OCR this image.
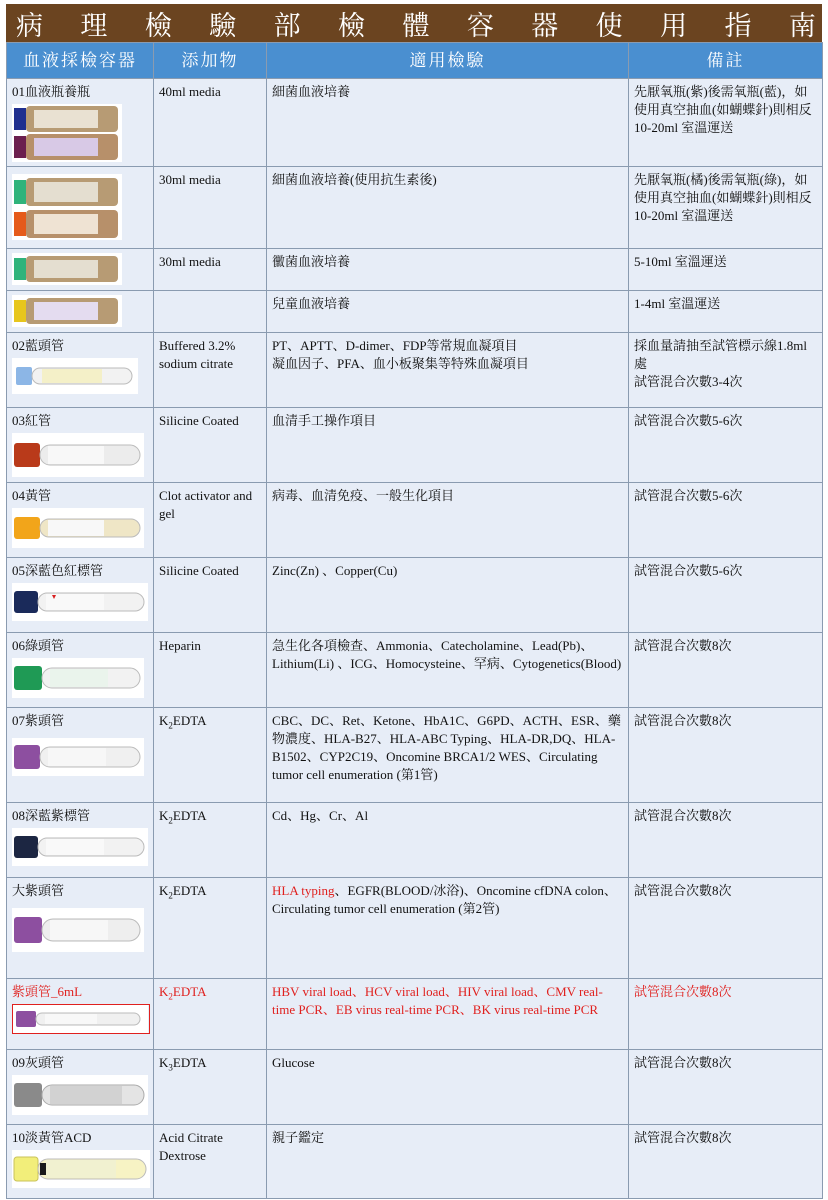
病 理 檢 驗 部 檢 體 容 器 使 用 指 南
血液採檢容器	添加物	適用檢驗	備註

01血液瓶養瓶	40ml media	細菌血液培養	先厭氧瓶(紫)後需氧瓶(藍)，如使用真空抽血(如蝴蝶針)則相反
10-20ml 室溫運送

	30ml media	細菌血液培養(使用抗生素後)	先厭氧瓶(橘)後需氧瓶(綠)，如使用真空抽血(如蝴蝶針)則相反
10-20ml 室溫運送

	30ml media	黴菌血液培養	5-10ml 室溫運送

		兒童血液培養	1-4ml 室溫運送

02藍頭管	Buffered 3.2% sodium citrate	PT、APTT、D-dimer、FDP等常規血凝項目
凝血因子、PFA、血小板聚集等特殊血凝項目	採血量請抽至試管標示線1.8ml處
試管混合次數3-4次

03紅管	Silicine Coated	血清手工操作項目	試管混合次數5-6次

04黃管	Clot activator and gel	病毒、血清免疫、一般生化項目	試管混合次數5-6次

05深藍色紅標管	Silicine Coated	Zinc(Zn) 、Copper(Cu)	試管混合次數5-6次

06綠頭管	Heparin	急生化各項檢查、Ammonia、Catecholamine、Lead(Pb)、Lithium(Li) 、ICG、Homocysteine、罕病、Cytogenetics(Blood)	試管混合次數8次

07紫頭管	$K_2EDTA$	CBC、DC、Ret、Ketone、HbA1C、G6PD、ACTH、ESR、藥物濃度、HLA-B27、HLA-ABC Typing、HLA-DR,DQ、HLA-B1502、CYP2C19、Oncomine BRCA1/2 WES、Circulating tumor cell enumeration (第1管)	試管混合次數8次

08深藍紫標管	$K_2EDTA$	Cd、Hg、Cr、Al	試管混合次數8次

大紫頭管	$K_2EDTA$	HLA typing、EGFR(BLOOD/冰浴)、Oncomine cfDNA colon、Circulating tumor cell enumeration (第2管)	試管混合次數8次

紫頭管_6mL	$K_2EDTA$	HBV viral load、HCV viral load、HIV viral load、CMV real-time PCR、EB virus real-time PCR、BK virus real-time PCR	試管混合次數8次

09灰頭管	$K_3EDTA$	Glucose	試管混合次數8次

10淡黃管ACD	Acid Citrate Dextrose	親子鑑定	試管混合次數8次
